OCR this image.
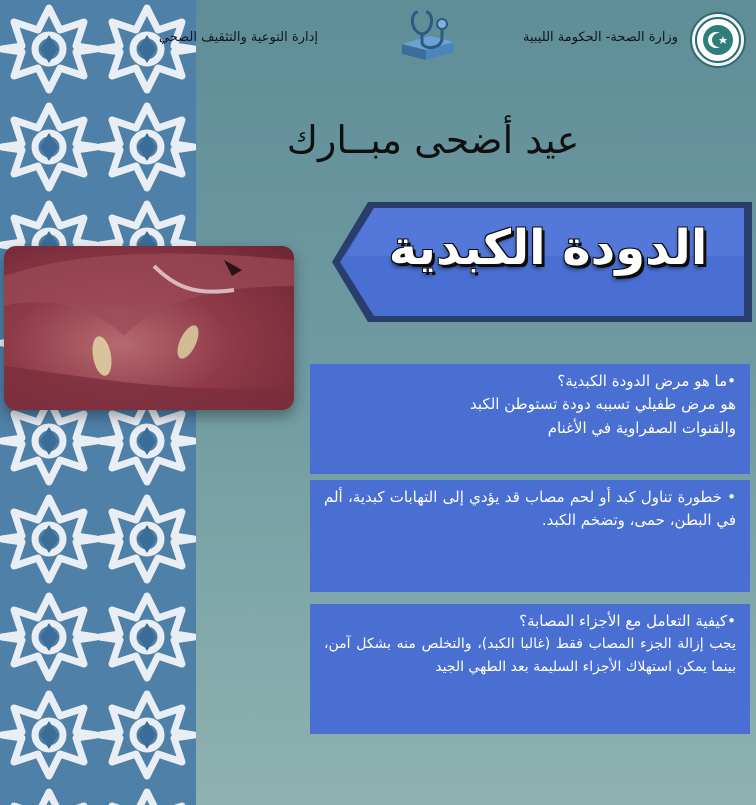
وزارة الصحة- الحكومة الليبية
إدارة التوعية والتثقيف الصحي
عيد أضحى مبــارك
الدودة الكبدية

•ما هو مرض الدودة الكبدية؟

هو مرض طفيلي تسببه دودة تستوطن الكبد

والقنوات الصفراوية في الأغنام

• خطورة تناول كبد أو لحم مصاب قد يؤدي إلى التهابات كبدية، ألم في البطن، حمى، وتضخم الكبد.

•كيفية التعامل مع الأجزاء المصابة؟

يجب إزالة الجزء المصاب فقط (غالبا الكبد)، والتخلص منه بشكل آمن، بينما يمكن استهلاك الأجزاء السليمة بعد الطهي الجيد
